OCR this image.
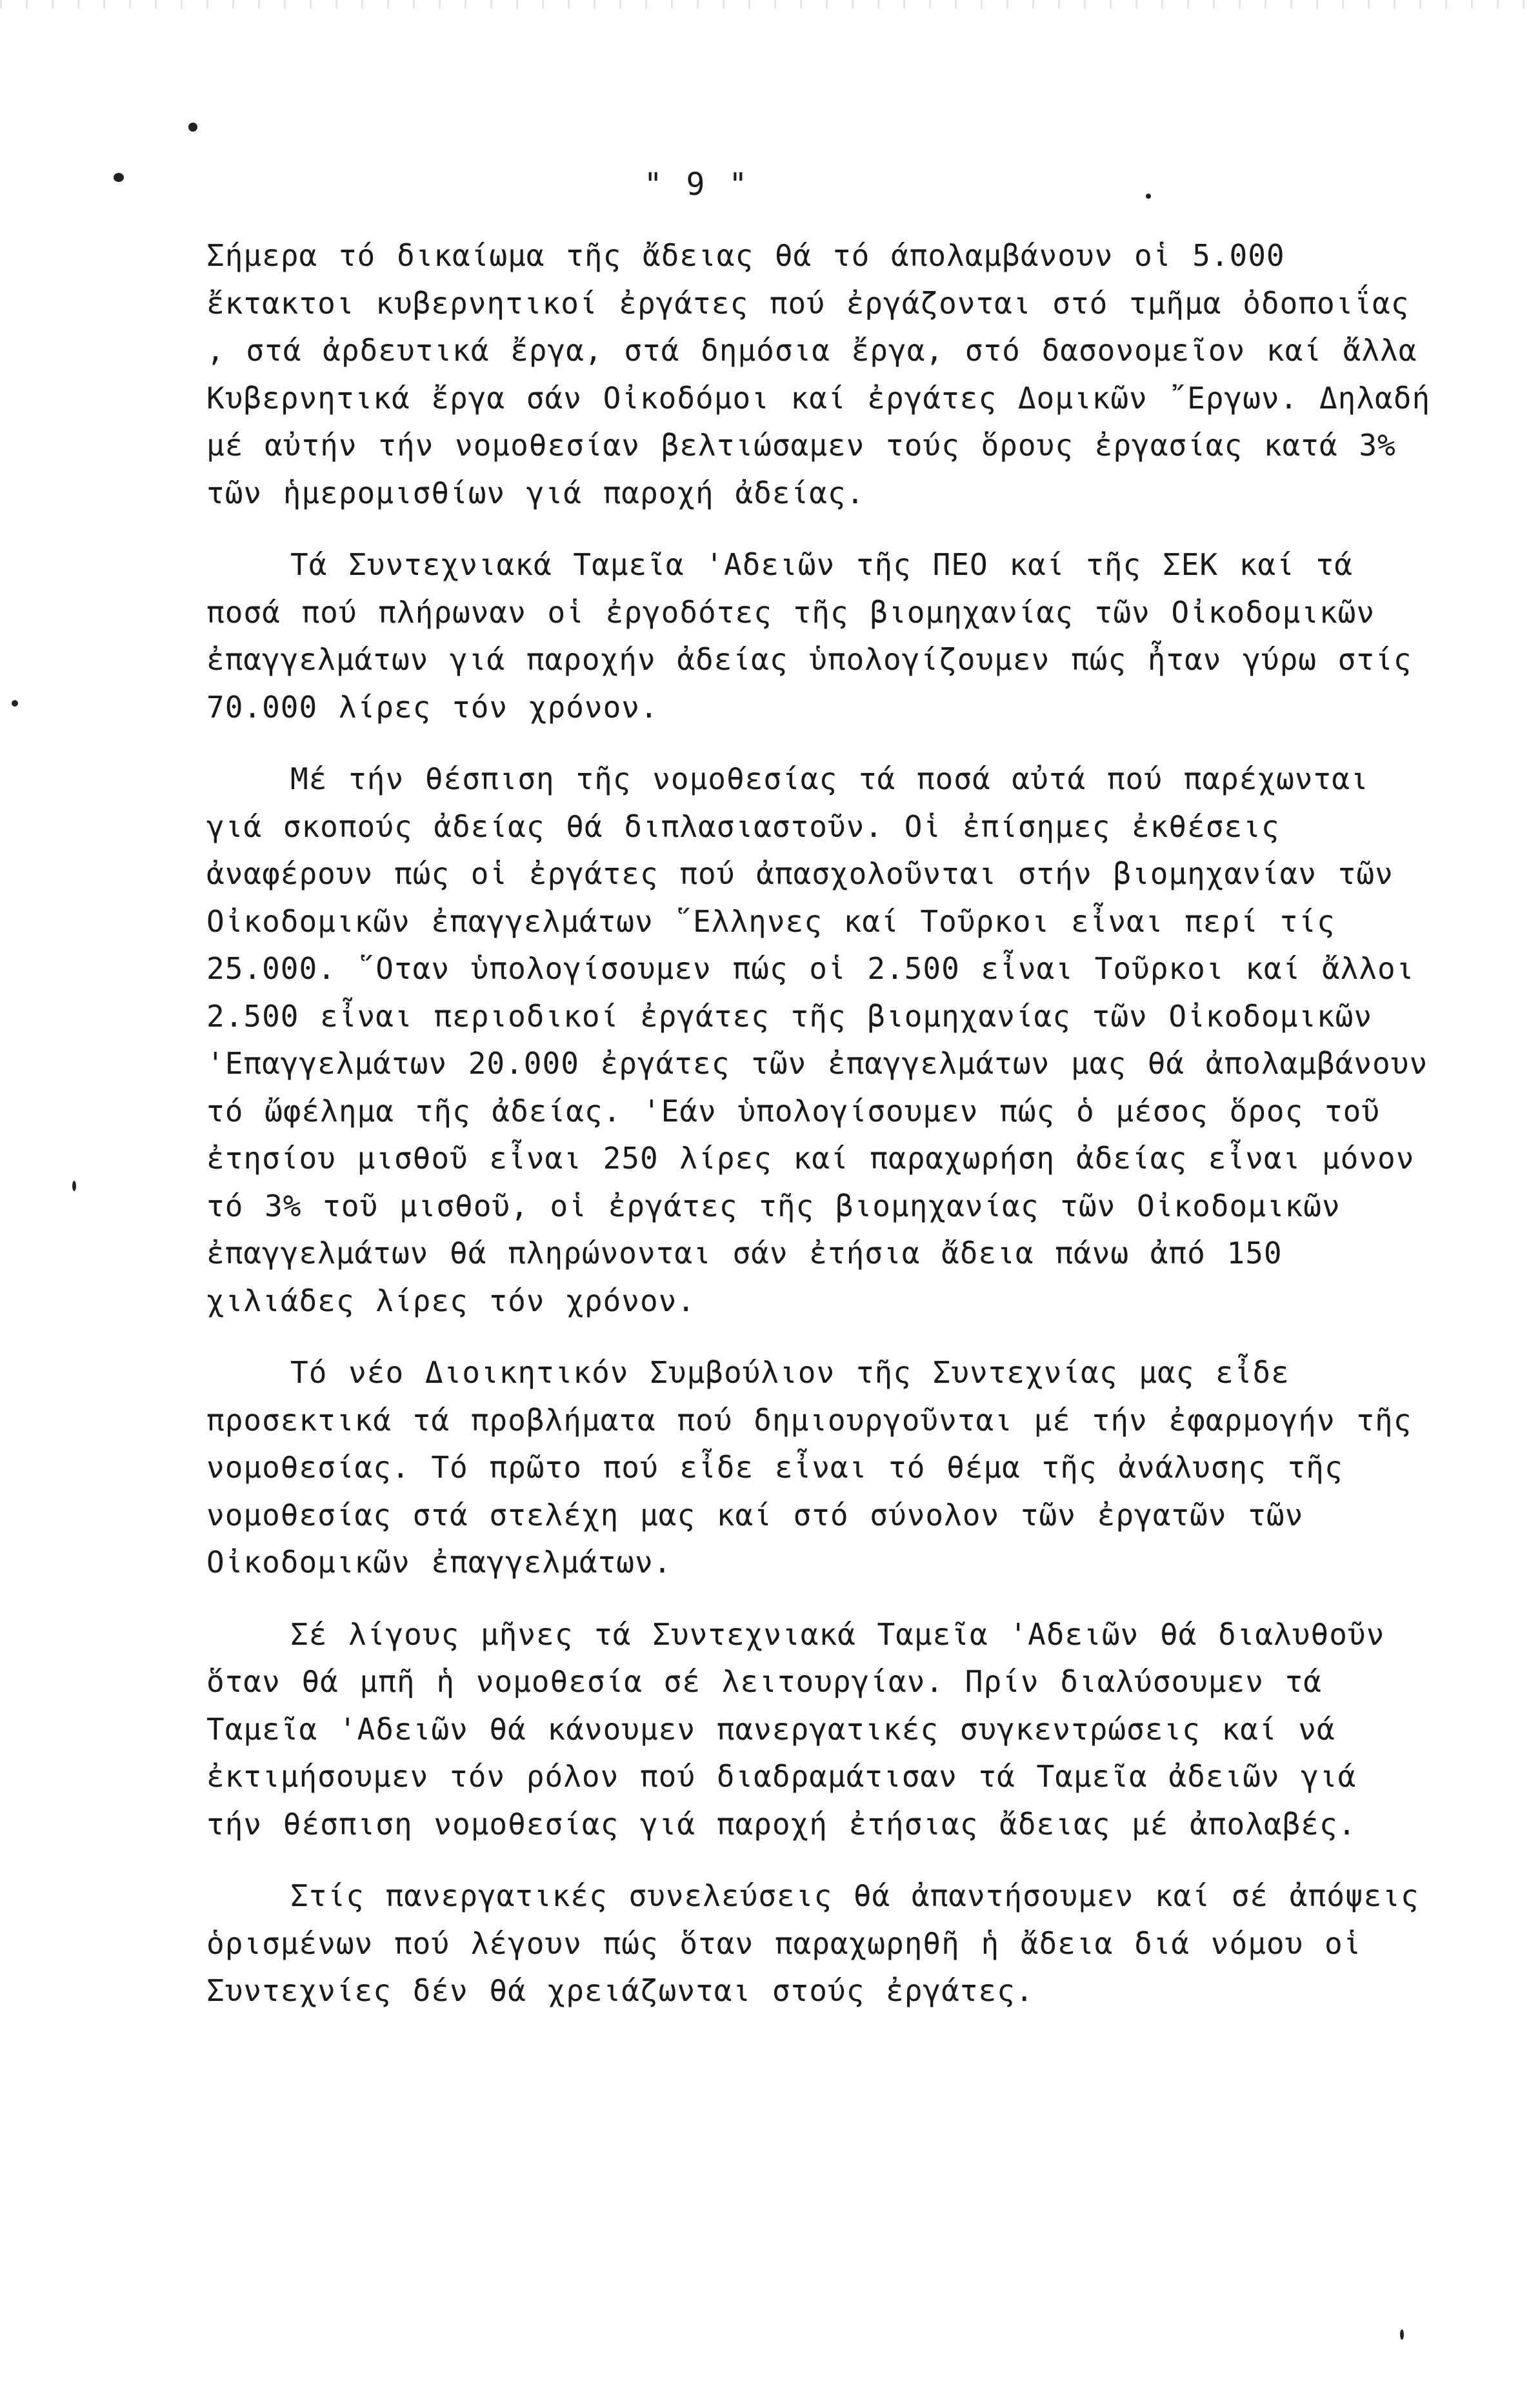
" 9 "

Σήμερα τό δικαίωμα τῆς ἄδειας θά τό άπολαμβάνουν οἱ 5.000 ἔκτακτοι κυβερνητικοί ἐργάτες πού ἐργάζονται στό τμῆμα ὀδοποιΐας , στά ἀρδευτικά ἔργα, στά δημόσια ἔργα, στό δασονομεῖον καί ἄλλα Κυβερνητικά ἔργα σάν Οἰκοδόμοι καί ἐργάτες Δομικῶν ῎Εργων. Δηλαδή μέ αὐτήν τήν νομοθεσίαν βελτιώσαμεν τούς ὅρους ἐργασίας κατά 3% τῶν ἡμερομισθίων γιά παροχή ἀδείας.

Τά Συντεχνιακά Ταμεῖα 'Αδειῶν τῆς ΠΕΟ καί τῆς ΣΕΚ καί τά ποσά πού πλήρωναν οἱ ἐργοδότες τῆς βιομηχανίας τῶν Οἰκοδομικῶν ἐπαγγελμάτων γιά παροχήν ἀδείας ὑπολογίζουμεν πώς ἦταν γύρω στίς 70.000 λίρες τόν χρόνον.

Μέ τήν θέσπιση τῆς νομοθεσίας τά ποσά αὐτά πού παρέχωνται γιά σκοπούς ἀδείας θά διπλασιαστοῦν. Οἱ ἐπίσημες ἐκθέσεις ἀναφέρουν πώς οἱ ἐργάτες πού ἀπασχολοῦνται στήν βιομηχανίαν τῶν Οἰκοδομικῶν ἐπαγγελμάτων ῞Ελληνες καί Τοῦρκοι εἶναι περί τίς 25.000. ῞Οταν ὑπολογίσουμεν πώς οἱ 2.500 εἶναι Τοῦρκοι καί ἄλλοι 2.500 εἶναι περιοδικοί ἐργάτες τῆς βιομηχανίας τῶν Οἰκοδομικῶν 'Επαγγελμάτων 20.000 ἐργάτες τῶν ἐπαγγελμάτων μας θά ἀπολαμβάνουν τό ὤφέλημα τῆς ἀδείας. 'Εάν ὑπολογίσουμεν πώς ὁ μέσος ὅρος τοῦ ἐτησίου μισθοῦ εἶναι 250 λίρες καί παραχωρήση ἀδείας εἶναι μόνον τό 3% τοῦ μισθοῦ, οἱ ἐργάτες τῆς βιομηχανίας τῶν Οἰκοδομικῶν ἐπαγγελμάτων θά πληρώνονται σάν ἐτήσια ἄδεια πάνω ἀπό 150 χιλιάδες λίρες τόν χρόνον.

Τό νέο Διοικητικόν Συμβούλιον τῆς Συντεχνίας μας εἶδε προσεκτικά τά προβλήματα πού δημιουργοῦνται μέ τήν ἐφαρμογήν τῆς νομοθεσίας. Τό πρῶτο πού εἶδε εἶναι τό θέμα τῆς ἀνάλυσης τῆς νομοθεσίας στά στελέχη μας καί στό σύνολον τῶν ἐργατῶν τῶν Οἰκοδομικῶν ἐπαγγελμάτων.

Σέ λίγους μῆνες τά Συντεχνιακά Ταμεῖα 'Αδειῶν θά διαλυθοῦν ὅταν θά μπῆ ἡ νομοθεσία σέ λειτουργίαν. Πρίν διαλύσουμεν τά Ταμεῖα 'Αδειῶν θά κάνουμεν πανεργατικές συγκεντρώσεις καί νά ἐκτιμήσουμεν τόν ρόλον πού διαδραμάτισαν τά Ταμεῖα ἀδειῶν γιά τήν θέσπιση νομοθεσίας γιά παροχή ἐτήσιας ἄδειας μέ ἀπολαβές.

Στίς πανεργατικές συνελεύσεις θά ἀπαντήσουμεν καί σέ ἀπόψεις ὁρισμένων πού λέγουν πώς ὅταν παραχωρηθῆ ἡ ἄδεια διά νόμου οἱ Συντεχνίες δέν θά χρειάζωνται στούς ἐργάτες.
